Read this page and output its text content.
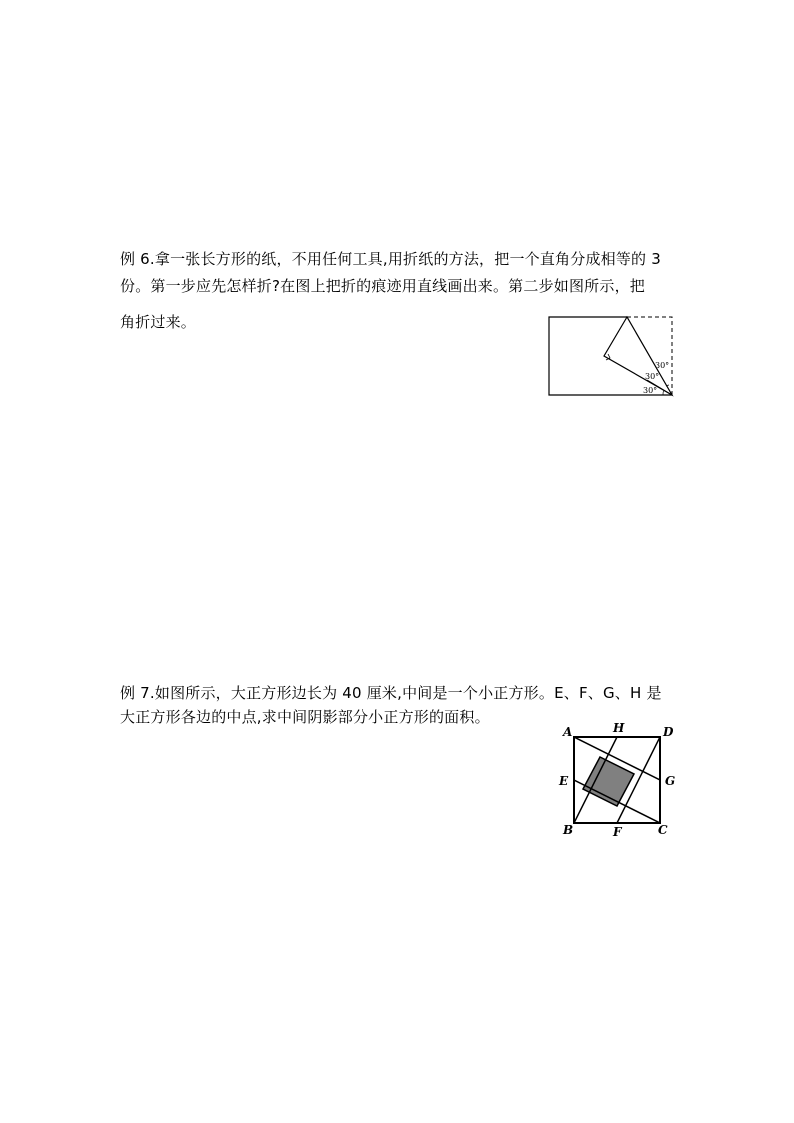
例 6.拿一张长方形的纸，不用任何工具,用折纸的方法，把一个直角分成相等的 3
份。第一步应先怎样折?在图上把折的痕迹用直线画出来。第二步如图所示，把
角折过来。
30°
30°
30°
例 7.如图所示，大正方形边长为 40 厘米,中间是一个小正方形。E、F、G、H 是
大正方形各边的中点,求中间阴影部分小正方形的面积。
A	H	D
E	G
B	F	C
